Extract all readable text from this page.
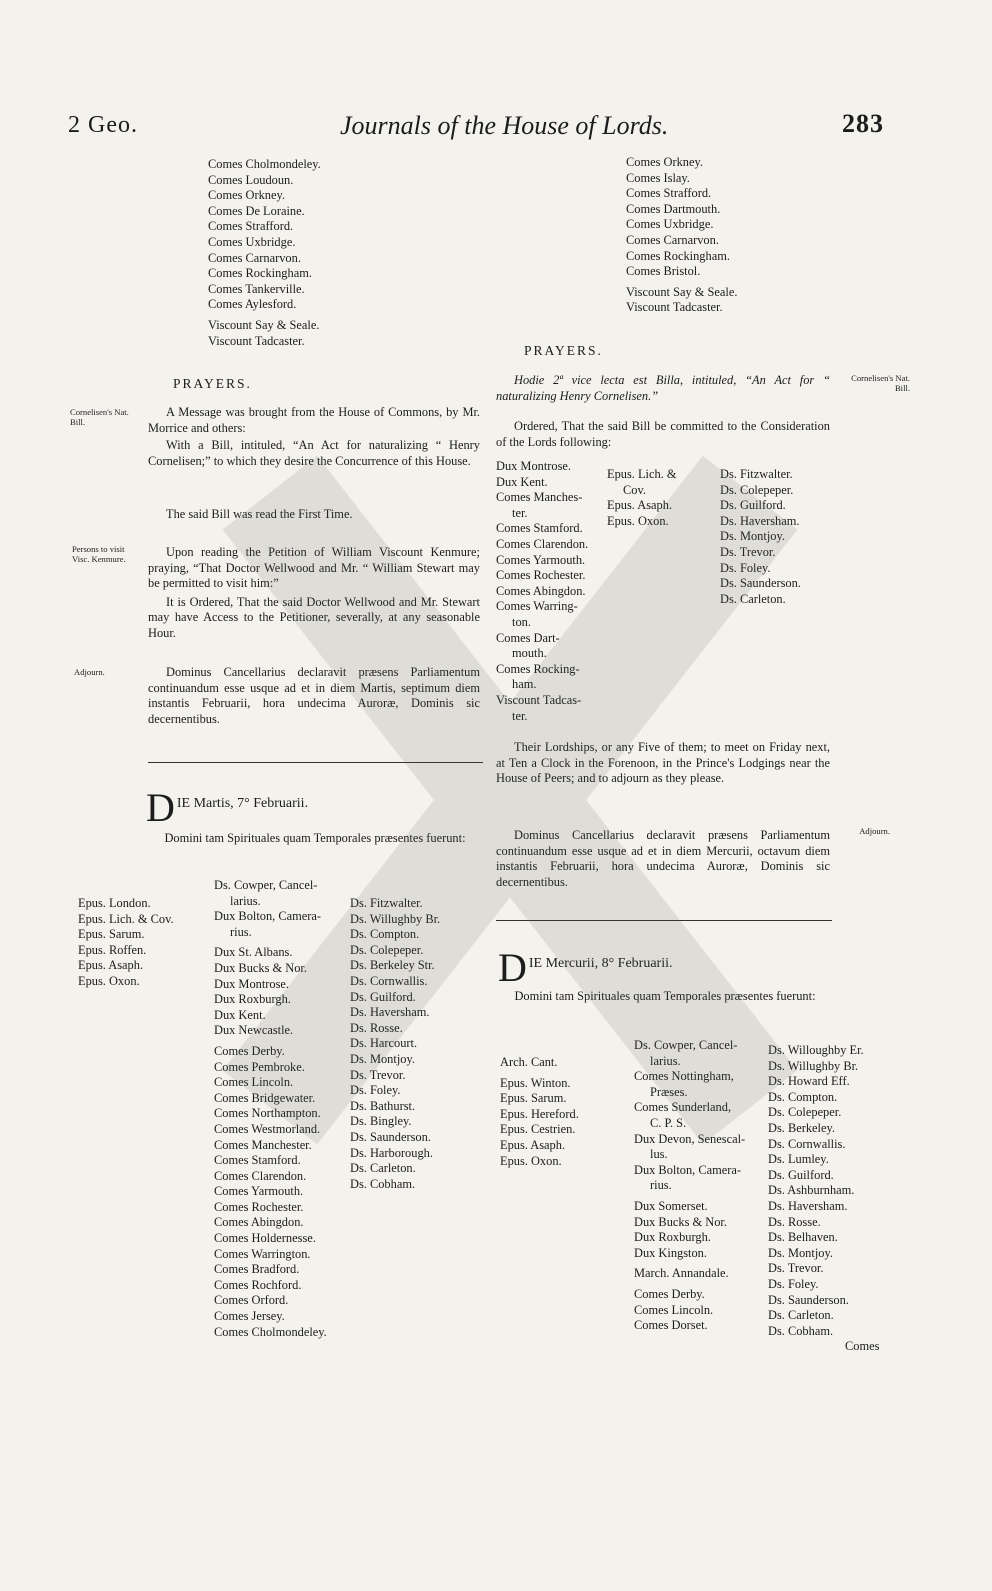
2 Geo.	Journals of the House of Lords.	283
Comes Cholmondeley.
Comes Loudoun.
Comes Orkney.
Comes De Loraine.
Comes Strafford.
Comes Uxbridge.
Comes Carnarvon.
Comes Rockingham.
Comes Tankerville.
Comes Aylesford.
Viscount Say & Seale.
Viscount Tadcaster.
Comes Orkney.
Comes Islay.
Comes Strafford.
Comes Dartmouth.
Comes Uxbridge.
Comes Carnarvon.
Comes Rockingham.
Comes Bristol.
Viscount Say & Seale.
Viscount Tadcaster.
PRAYERS.
Cornelisen's Nat. Bill.
Persons to visit Visc. Kenmure.
Adjourn.

A Message was brought from the House of Commons, by Mr. Morrice and others:

With a Bill, intituled, “An Act for naturalizing “ Henry Cornelisen;” to which they desire the Concurrence of this House.

The said Bill was read the First Time.

Upon reading the Petition of William Viscount Kenmure; praying, “That Doctor Wellwood and Mr. “ William Stewart may be permitted to visit him:”

It is Ordered, That the said Doctor Wellwood and Mr. Stewart may have Access to the Petitioner, severally, at any seasonable Hour.

Dominus Cancellarius declaravit præsens Parliamentum continuandum esse usque ad et in diem Martis, septimum diem instantis Februarii, hora undecima Auroræ, Dominis sic decernentibus.
D IE Martis, 7° Februarii.
Domini tam Spirituales quam Temporales præsentes fuerunt:
Epus. London.
Epus. Lich. & Cov.
Epus. Sarum.
Epus. Roffen.
Epus. Asaph.
Epus. Oxon.
Ds. Cowper, Cancel-
larius.
Dux Bolton, Camera-
rius.
Dux St. Albans.
Dux Bucks & Nor.
Dux Montrose.
Dux Roxburgh.
Dux Kent.
Dux Newcastle.
Comes Derby.
Comes Pembroke.
Comes Lincoln.
Comes Bridgewater.
Comes Northampton.
Comes Westmorland.
Comes Manchester.
Comes Stamford.
Comes Clarendon.
Comes Yarmouth.
Comes Rochester.
Comes Abingdon.
Comes Holdernesse.
Comes Warrington.
Comes Bradford.
Comes Rochford.
Comes Orford.
Comes Jersey.
Comes Cholmondeley.
Ds. Fitzwalter.
Ds. Willughby Br.
Ds. Compton.
Ds. Colepeper.
Ds. Berkeley Str.
Ds. Cornwallis.
Ds. Guilford.
Ds. Haversham.
Ds. Rosse.
Ds. Harcourt.
Ds. Montjoy.
Ds. Trevor.
Ds. Foley.
Ds. Bathurst.
Ds. Bingley.
Ds. Saunderson.
Ds. Harborough.
Ds. Carleton.
Ds. Cobham.
PRAYERS.
Cornelisen's Nat. Bill.
Hodie 2ª vice lecta est Billa, intituled, “An Act for “ naturalizing Henry Cornelisen.”
Ordered, That the said Bill be committed to the Consideration of the Lords following:
Dux Montrose.
Dux Kent.
Comes Manches-
ter.
Comes Stamford.
Comes Clarendon.
Comes Yarmouth.
Comes Rochester.
Comes Abingdon.
Comes Warring-
ton.
Comes Dart-
mouth.
Comes Rocking-
ham.
Viscount Tadcas-
ter.
Epus. Lich. &
Cov.
Epus. Asaph.
Epus. Oxon.
Ds. Fitzwalter.
Ds. Colepeper.
Ds. Guilford.
Ds. Haversham.
Ds. Montjoy.
Ds. Trevor.
Ds. Foley.
Ds. Saunderson.
Ds. Carleton.
Their Lordships, or any Five of them; to meet on Friday next, at Ten a Clock in the Forenoon, in the Prince's Lodgings near the House of Peers; and to adjourn as they please.
Adjourn.
Dominus Cancellarius declaravit præsens Parliamentum continuandum esse usque ad et in diem Mercurii, octavum diem instantis Februarii, hora undecima Auroræ, Dominis sic decernentibus.
D IE Mercurii, 8° Februarii.
Domini tam Spirituales quam Temporales præsentes fuerunt:
Arch. Cant.
Epus. Winton.
Epus. Sarum.
Epus. Hereford.
Epus. Cestrien.
Epus. Asaph.
Epus. Oxon.
Ds. Cowper, Cancel-
larius.
Comes Nottingham,
Præses.
Comes Sunderland,
C. P. S.
Dux Devon, Senescal-
lus.
Dux Bolton, Camera-
rius.
Dux Somerset.
Dux Bucks & Nor.
Dux Roxburgh.
Dux Kingston.
March. Annandale.
Comes Derby.
Comes Lincoln.
Comes Dorset.
Ds. Willoughby Er.
Ds. Willughby Br.
Ds. Howard Eff.
Ds. Compton.
Ds. Colepeper.
Ds. Berkeley.
Ds. Cornwallis.
Ds. Lumley.
Ds. Guilford.
Ds. Ashburnham.
Ds. Haversham.
Ds. Rosse.
Ds. Belhaven.
Ds. Montjoy.
Ds. Trevor.
Ds. Foley.
Ds. Saunderson.
Ds. Carleton.
Ds. Cobham.
Comes
